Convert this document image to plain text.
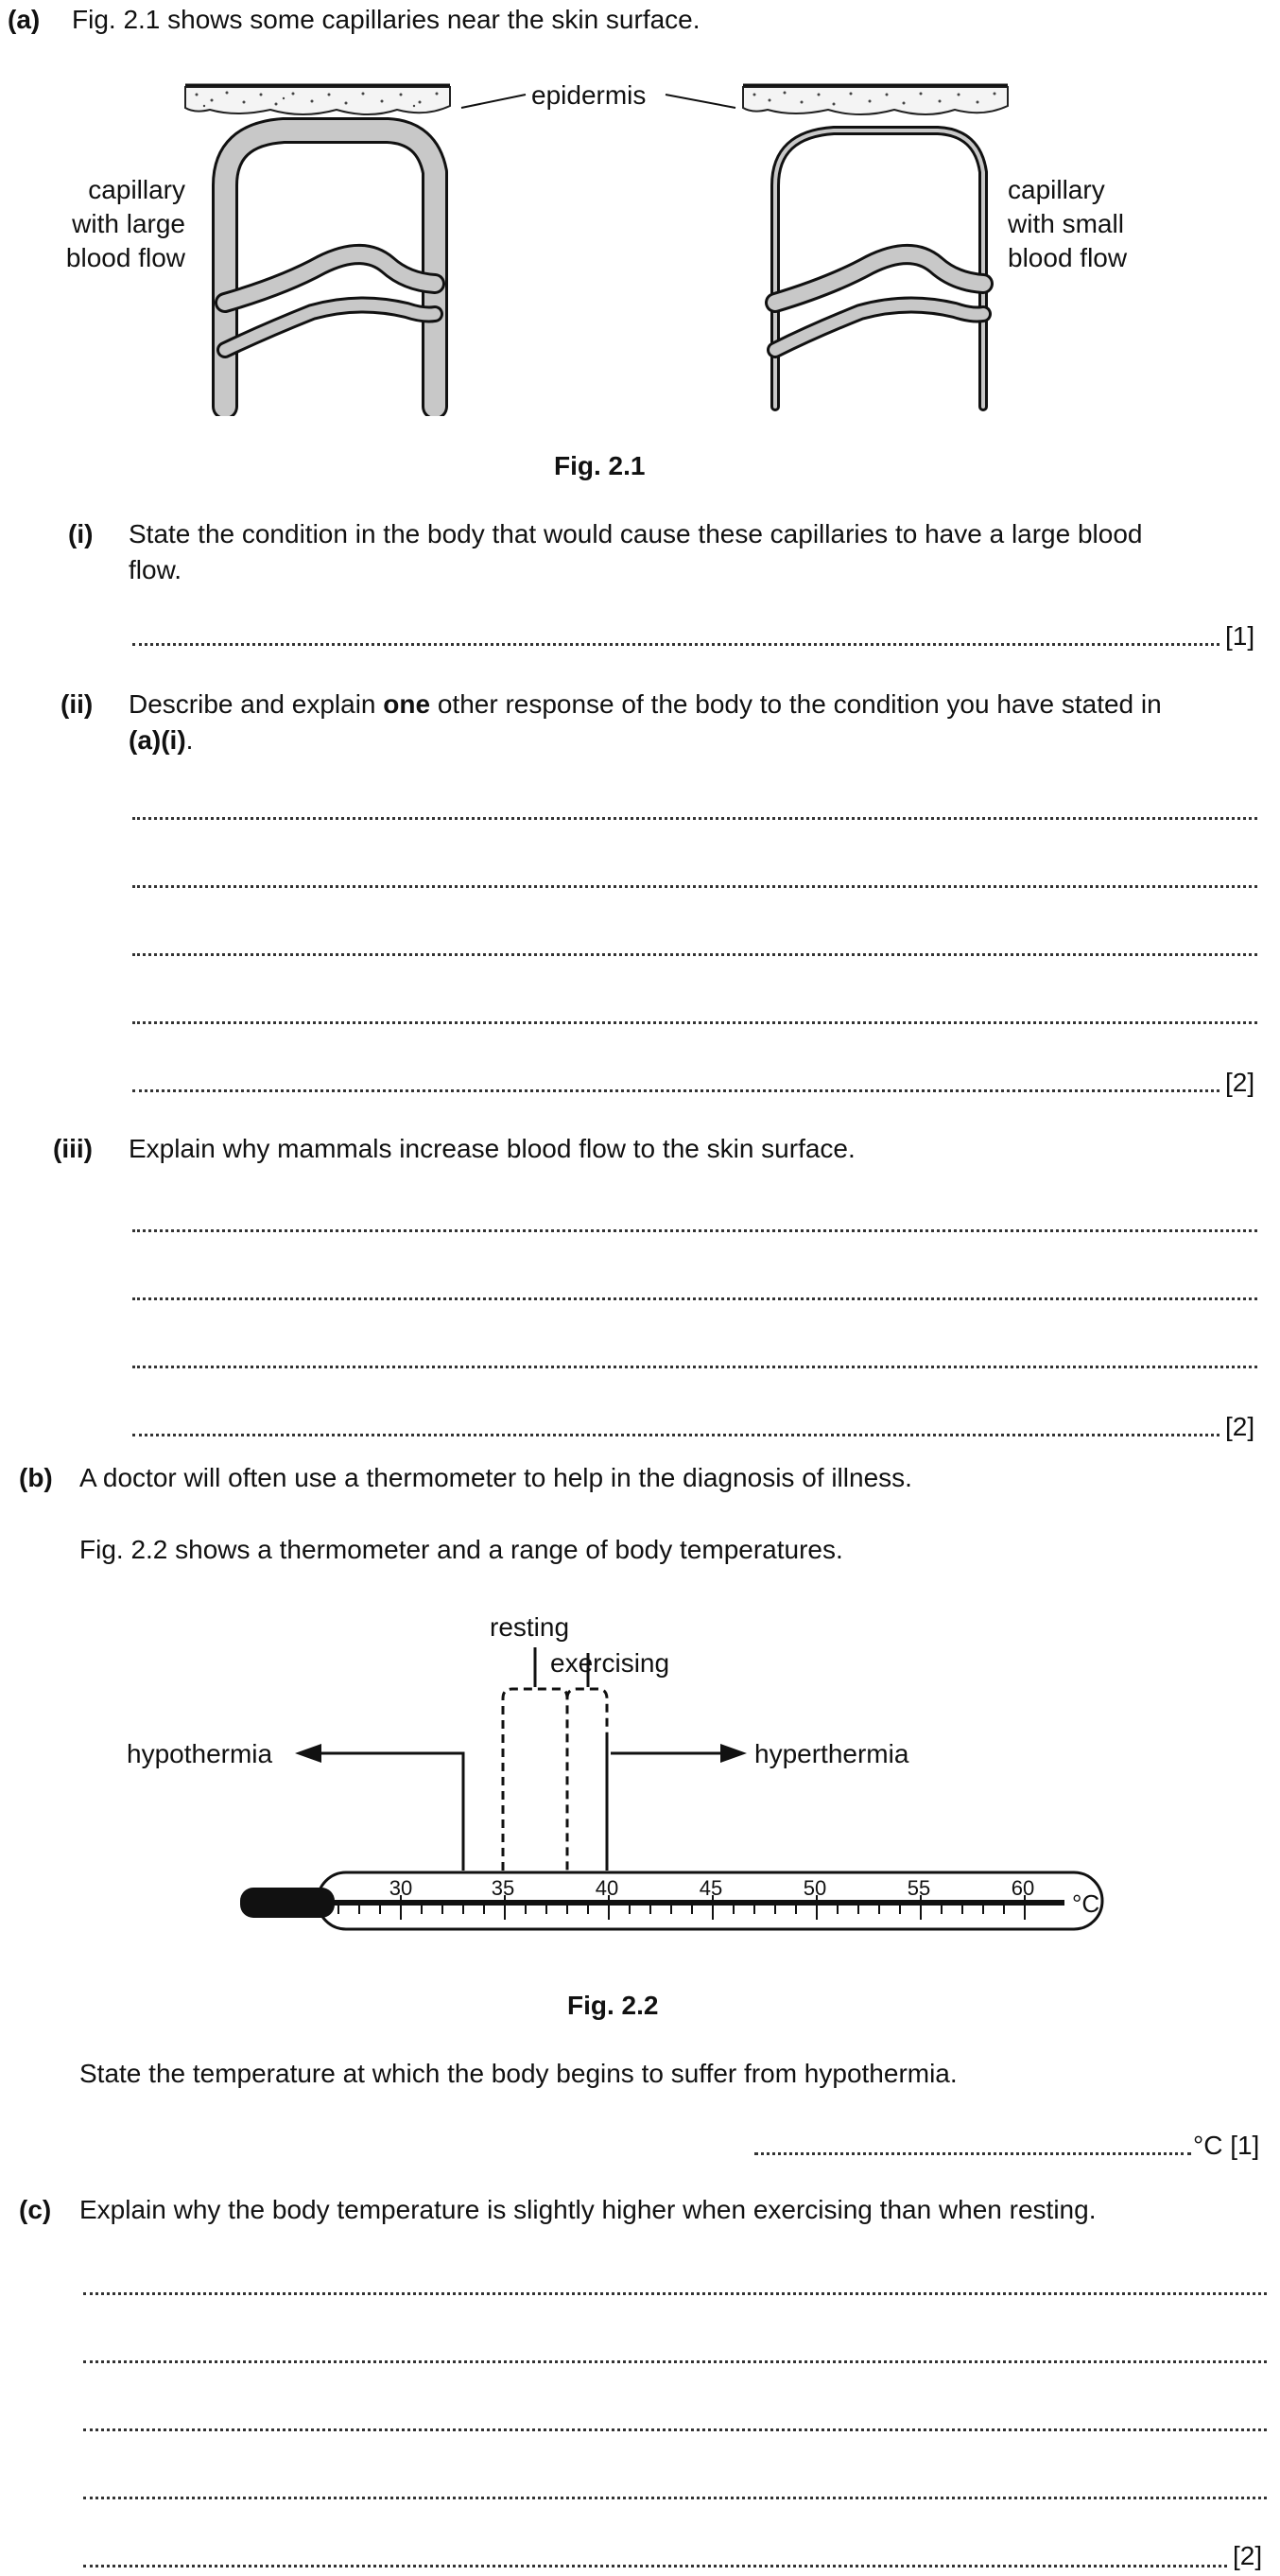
(a) Fig. 2.1 shows some capillaries near the skin surface.
epidermis
capillary
with large
blood flow
capillary
with small
blood flow
Fig. 2.1
(i) State the condition in the body that would cause these capillaries to have a large blood
flow.
[1]
(ii) Describe and explain one other response of the body to the condition you have stated in
(a)(i).
[2]
(iii) Explain why mammals increase blood flow to the skin surface.
[2]
(b) A doctor will often use a thermometer to help in the diagnosis of illness.
Fig. 2.2 shows a thermometer and a range of body temperatures.
30	35	40	45	50	55	60
°C
resting
exercising
hypothermia	hyperthermia
Fig. 2.2
State the temperature at which the body begins to suffer from hypothermia.
°C [1]
(c) Explain why the body temperature is slightly higher when exercising than when resting.
[2]
